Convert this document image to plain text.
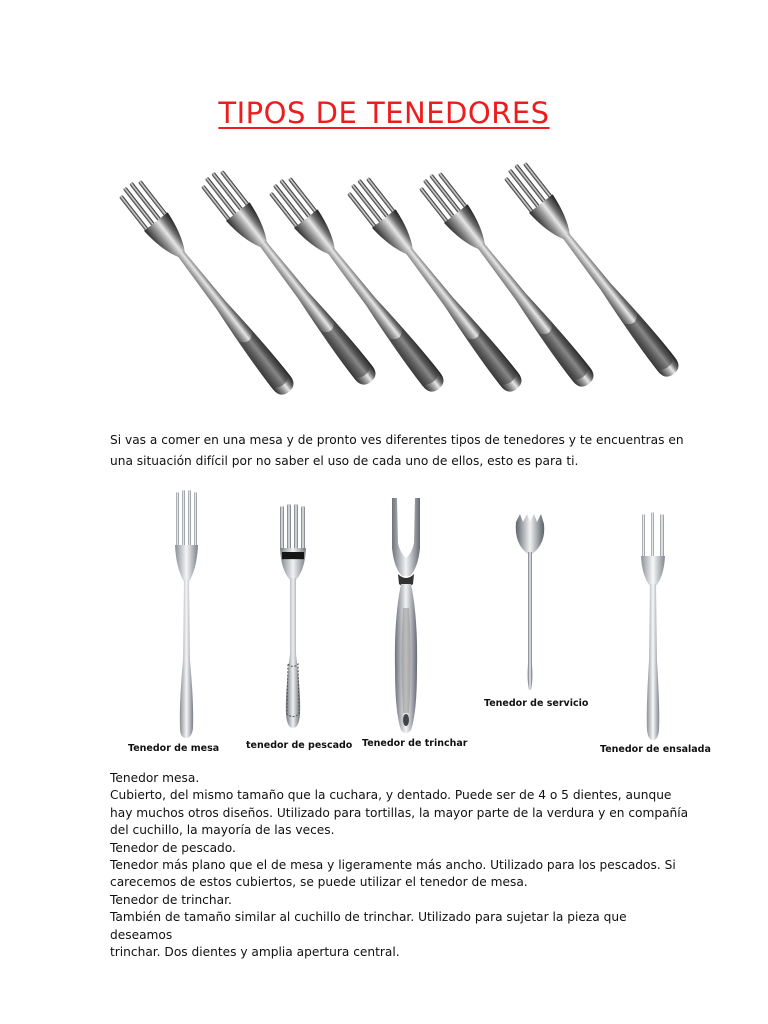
TIPOS DE TENEDORES

Si vas a comer en una mesa y de pronto ves diferentes tipos de tenedores y te encuentras en

una situación difícil por no saber el uso de cada uno de ellos, esto es para ti.

Tenedor de mesa	tenedor de pescado Tenedor de trinchar
Tenedor de servicio
Tenedor de ensalada

Tenedor mesa.

Cubierto, del mismo tamaño que la cuchara, y dentado. Puede ser de 4 o 5 dientes, aunque

hay muchos otros diseños. Utilizado para tortillas, la mayor parte de la verdura y en compañía

del cuchillo, la mayoría de las veces.

Tenedor de pescado.

Tenedor más plano que el de mesa y ligeramente más ancho. Utilizado para los pescados. Si

carecemos de estos cubiertos, se puede utilizar el tenedor de mesa.

Tenedor de trinchar.

También de tamaño similar al cuchillo de trinchar. Utilizado para sujetar la pieza que deseamos

trinchar. Dos dientes y amplia apertura central.
